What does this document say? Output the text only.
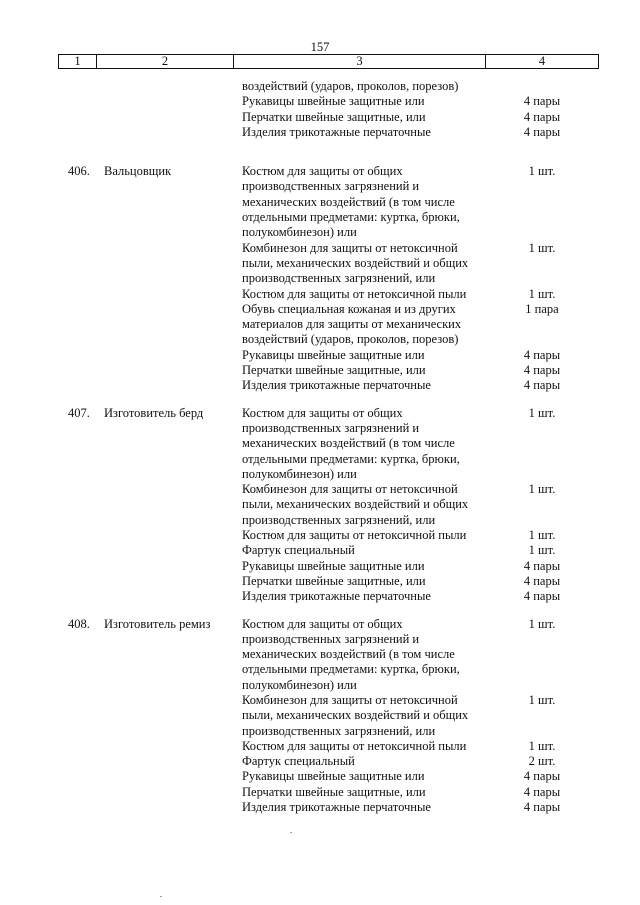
157
1	2	3	4
воздействий (ударов, проколов, порезов)
Рукавицы швейные защитные или	4 пары
Перчатки швейные защитные, или	4 пары
Изделия трикотажные перчаточные	4 пары
406. Вальцовщик	Костюм для защиты от общих	1 шт.
производственных загрязнений и
механических воздействий (в том числе
отдельными предметами: куртка, брюки,
полукомбинезон) или
Комбинезон для защиты от нетоксичной	1 шт.
пыли, механических воздействий и общих
производственных загрязнений, или
Костюм для защиты от нетоксичной пыли	1 шт.
Обувь специальная кожаная и из других	1 пара
материалов для защиты от механических
воздействий (ударов, проколов, порезов)
Рукавицы швейные защитные или	4 пары
Перчатки швейные защитные, или	4 пары
Изделия трикотажные перчаточные	4 пары
407. Изготовитель берд	Костюм для защиты от общих	1 шт.
производственных загрязнений и
механических воздействий (в том числе
отдельными предметами: куртка, брюки,
полукомбинезон) или
Комбинезон для защиты от нетоксичной	1 шт.
пыли, механических воздействий и общих
производственных загрязнений, или
Костюм для защиты от нетоксичной пыли	1 шт.
Фартук специальный	1 шт.
Рукавицы швейные защитные или	4 пары
Перчатки швейные защитные, или	4 пары
Изделия трикотажные перчаточные	4 пары
408. Изготовитель ремиз	Костюм для защиты от общих	1 шт.
производственных загрязнений и
механических воздействий (в том числе
отдельными предметами: куртка, брюки,
полукомбинезон) или
Комбинезон для защиты от нетоксичной	1 шт.
пыли, механических воздействий и общих
производственных загрязнений, или
Костюм для защиты от нетоксичной пыли	1 шт.
Фартук специальный	2 шт.
Рукавицы швейные защитные или	4 пары
Перчатки швейные защитные, или	4 пары
Изделия трикотажные перчаточные	4 пары
